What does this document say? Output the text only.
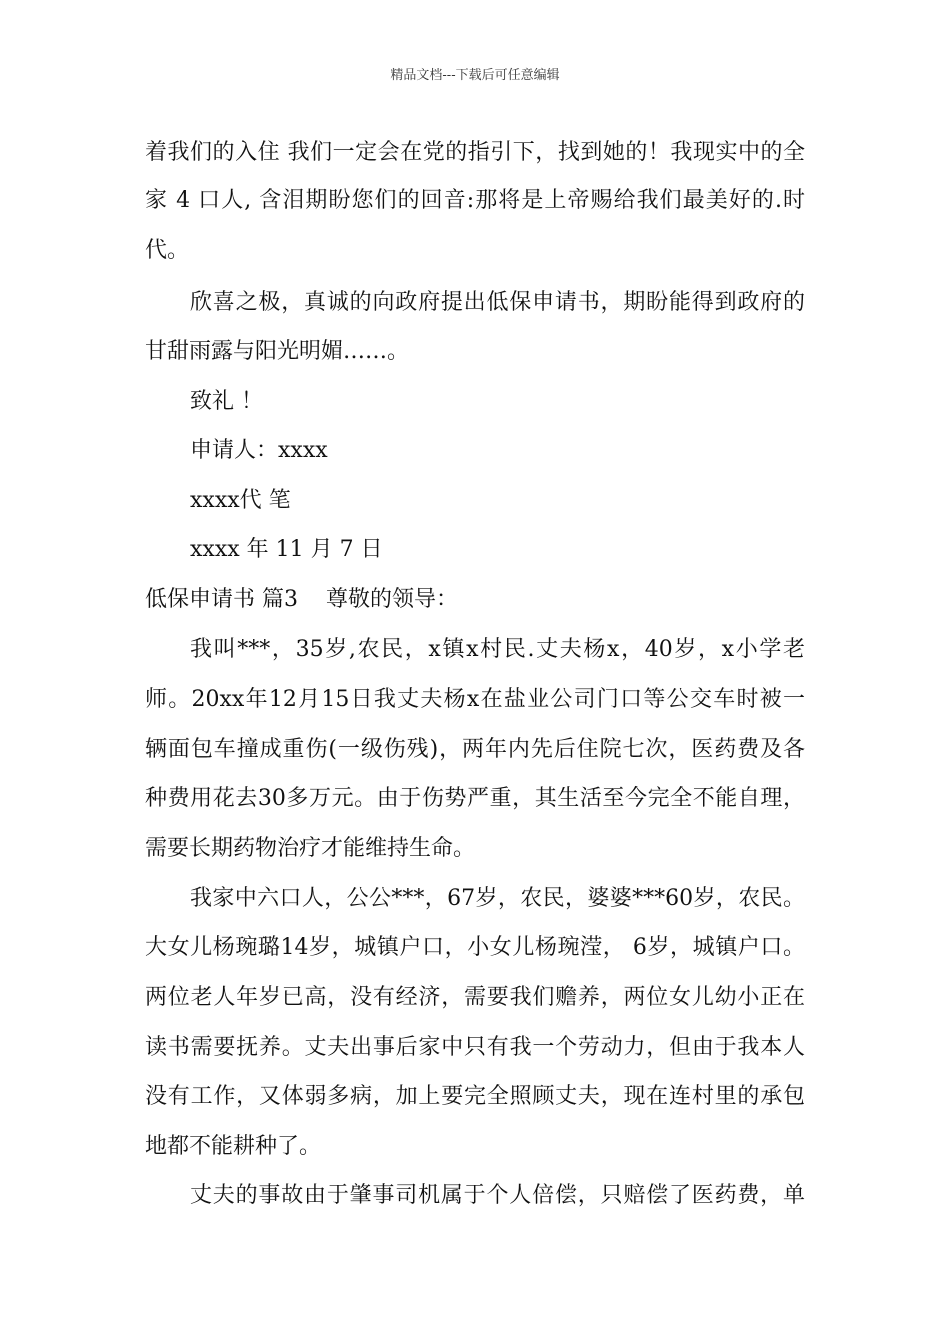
精品文档---下载后可任意编辑
着我们的入住 我们一定会在党的指引下，找到她的！我现实中的全
家 4 口人, 含泪期盼您们的回音:那将是上帝赐给我们最美好的.时
代。
欣喜之极，真诚的向政府提出低保申请书，期盼能得到政府的
甘甜雨露与阳光明媚……。
致礼 ！
申请人：xxxx
xxxx代 笔
xxxx 年 11 月 7 日
低保申请书 篇3    尊敬的领导：
我叫***，35岁,农民，x镇x村民.丈夫杨x，40岁，x小学老
师。20xx年12月15日我丈夫杨x在盐业公司门口等公交车时被一
辆面包车撞成重伤(一级伤残)，两年内先后住院七次，医药费及各
种费用花去30多万元。由于伤势严重，其生活至今完全不能自理，
需要长期药物治疗才能维持生命。
我家中六口人，公公***，67岁，农民，婆婆***60岁，农民。
大女儿杨琬璐14岁，城镇户口，小女儿杨琬滢， 6岁，城镇户口。
两位老人年岁已高，没有经济，需要我们赡养，两位女儿幼小正在
读书需要抚养。丈夫出事后家中只有我一个劳动力，但由于我本人
没有工作，又体弱多病，加上要完全照顾丈夫，现在连村里的承包
地都不能耕种了。
丈夫的事故由于肇事司机属于个人倍偿，只赔偿了医药费，单
